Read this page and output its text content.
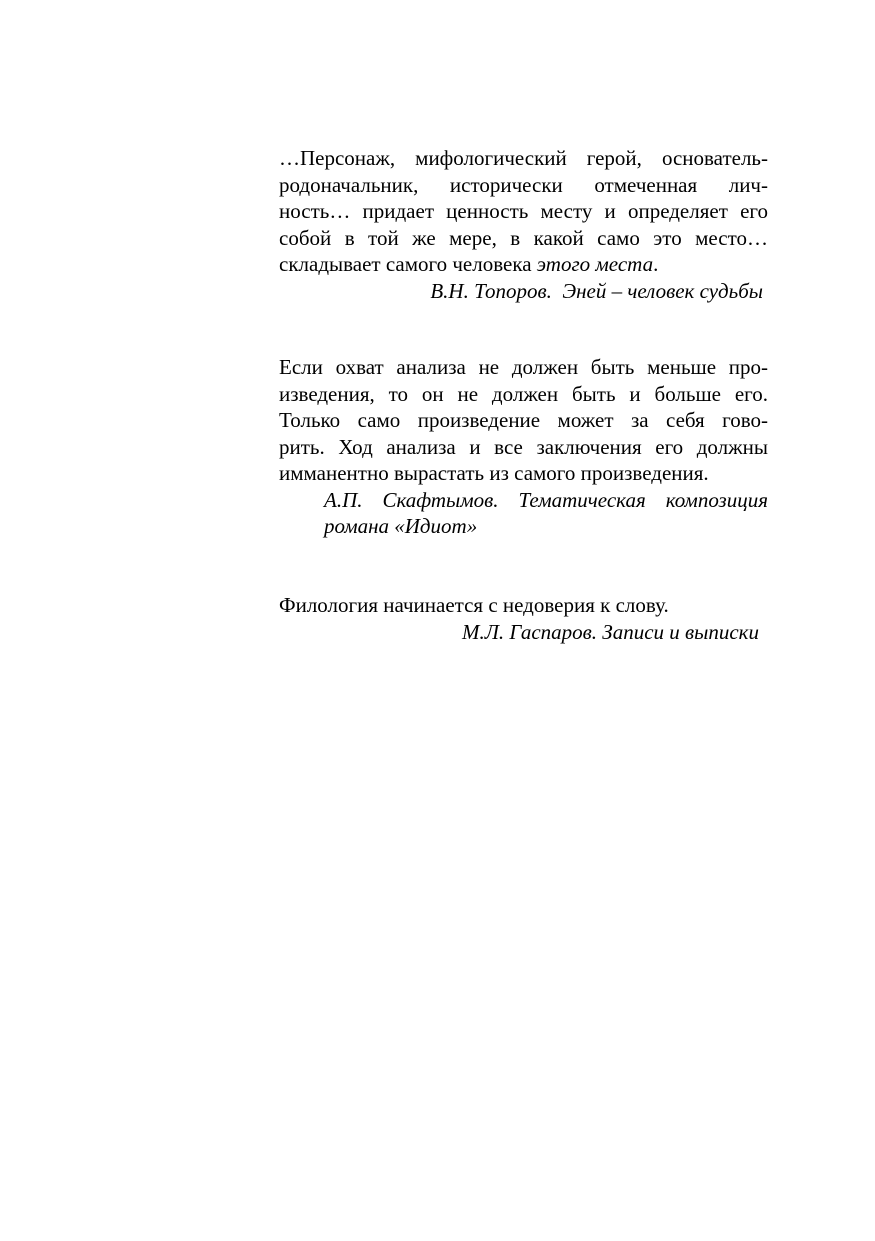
…Персонаж, мифологический герой, основатель-
родоначальник, исторически отмеченная лич-
ность… придает ценность месту и определяет его
собой в той же мере, в какой само это место…
складывает самого человека этого места.
В.Н. Топоров.  Эней – человек судьбы
Если охват анализа не должен быть меньше про-
изведения, то он не должен быть и больше его.
Только само произведение может за себя гово-
рить. Ход анализа и все заключения его должны
имманентно вырастать из самого произведения.
А.П. Скафтымов. Тематическая композиция
романа «Идиот»
Филология начинается с недоверия к слову.
М.Л. Гаспаров. Записи и выписки
